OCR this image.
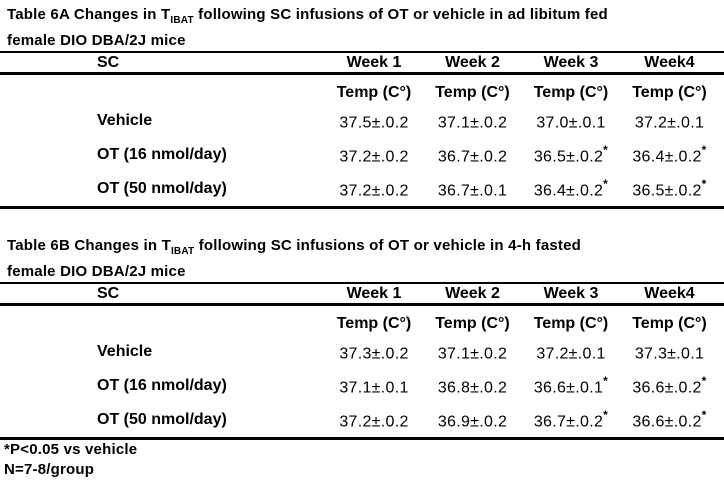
Table 6A Changes in $T_{IBAT}$ following SC infusions of OT or vehicle in ad libitum fed
female DIO DBA/2J mice
SC	Week 1	Week 2	Week 3	Week4
Temp (C°)	Temp (C°)	Temp (C°)	Temp (C°)
Vehicle	37.5±.0.2	37.1±.0.2	37.0±.0.1	37.2±.0.1
OT (16 nmol/day)	37.2±.0.2	36.7±.0.2	36.5±.0.2*	36.4±.0.2*
OT (50 nmol/day)	37.2±.0.2	36.7±.0.1	36.4±.0.2*	36.5±.0.2*
Table 6B Changes in $T_{IBAT}$ following SC infusions of OT or vehicle in 4-h fasted
female DIO DBA/2J mice
SC	Week 1	Week 2	Week 3	Week4
Temp (C°)	Temp (C°)	Temp (C°)	Temp (C°)
Vehicle	37.3±.0.2	37.1±.0.2	37.2±.0.1	37.3±.0.1
OT (16 nmol/day)	37.1±.0.1	36.8±.0.2	36.6±.0.1*	36.6±.0.2*
OT (50 nmol/day)	37.2±.0.2	36.9±.0.2	36.7±.0.2*	36.6±.0.2*
*P<0.05 vs vehicle
N=7-8/group
